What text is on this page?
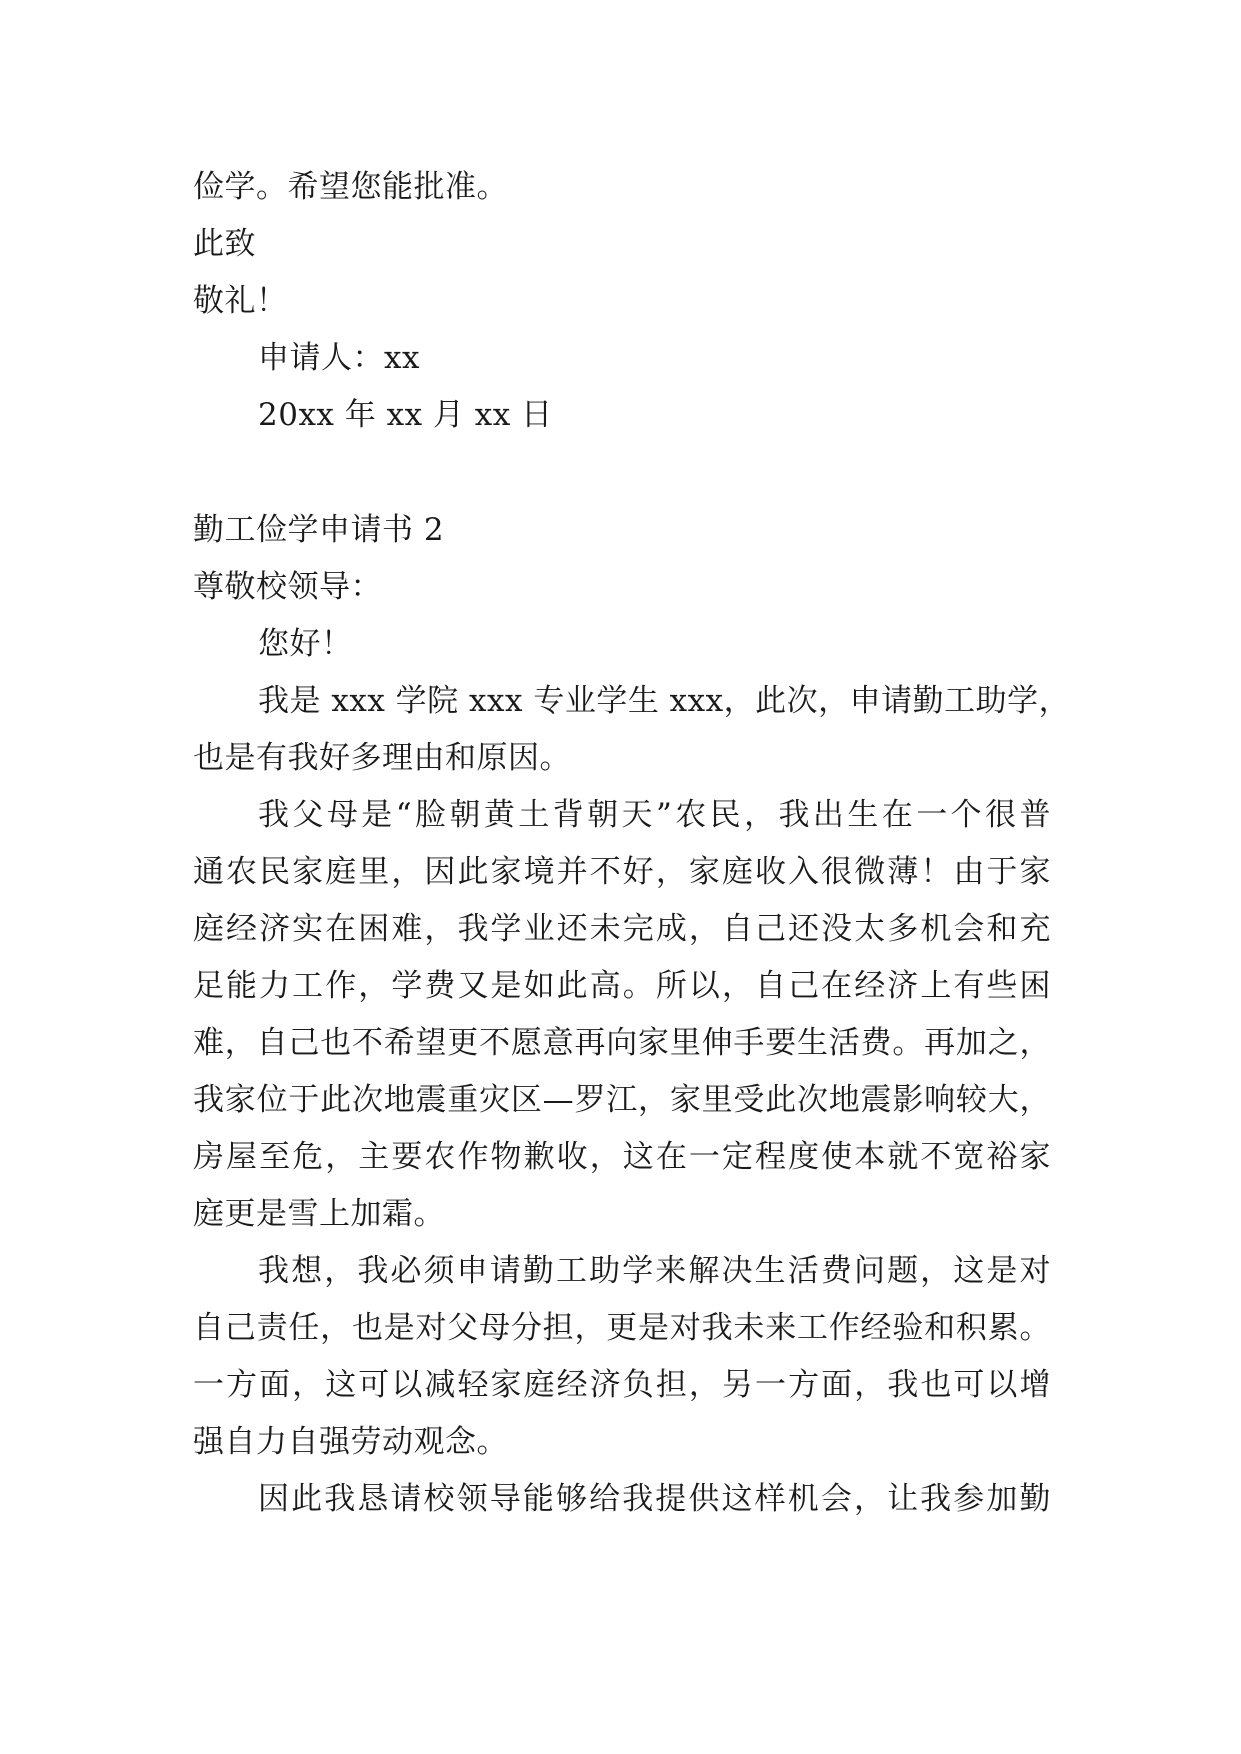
俭学。希望您能批准。
此致
敬礼！
申请人：xx
20xx 年 xx 月 xx 日
勤工俭学申请书 2
尊敬校领导：
您好！
我是 xxx 学院 xxx 专业学生 xxx，此次，申请勤工助学，
也是有我好多理由和原因。
我父母是“脸朝黄土背朝天”农民，我出生在一个很普
通农民家庭里，因此家境并不好，家庭收入很微薄！由于家
庭经济实在困难，我学业还未完成，自己还没太多机会和充
足能力工作，学费又是如此高。所以，自己在经济上有些困
难，自己也不希望更不愿意再向家里伸手要生活费。再加之，
我家位于此次地震重灾区—罗江，家里受此次地震影响较大，
房屋至危，主要农作物歉收，这在一定程度使本就不宽裕家
庭更是雪上加霜。
我想，我必须申请勤工助学来解决生活费问题，这是对
自己责任，也是对父母分担，更是对我未来工作经验和积累。
一方面，这可以减轻家庭经济负担，另一方面，我也可以增
强自力自强劳动观念。
因此我恳请校领导能够给我提供这样机会，让我参加勤
